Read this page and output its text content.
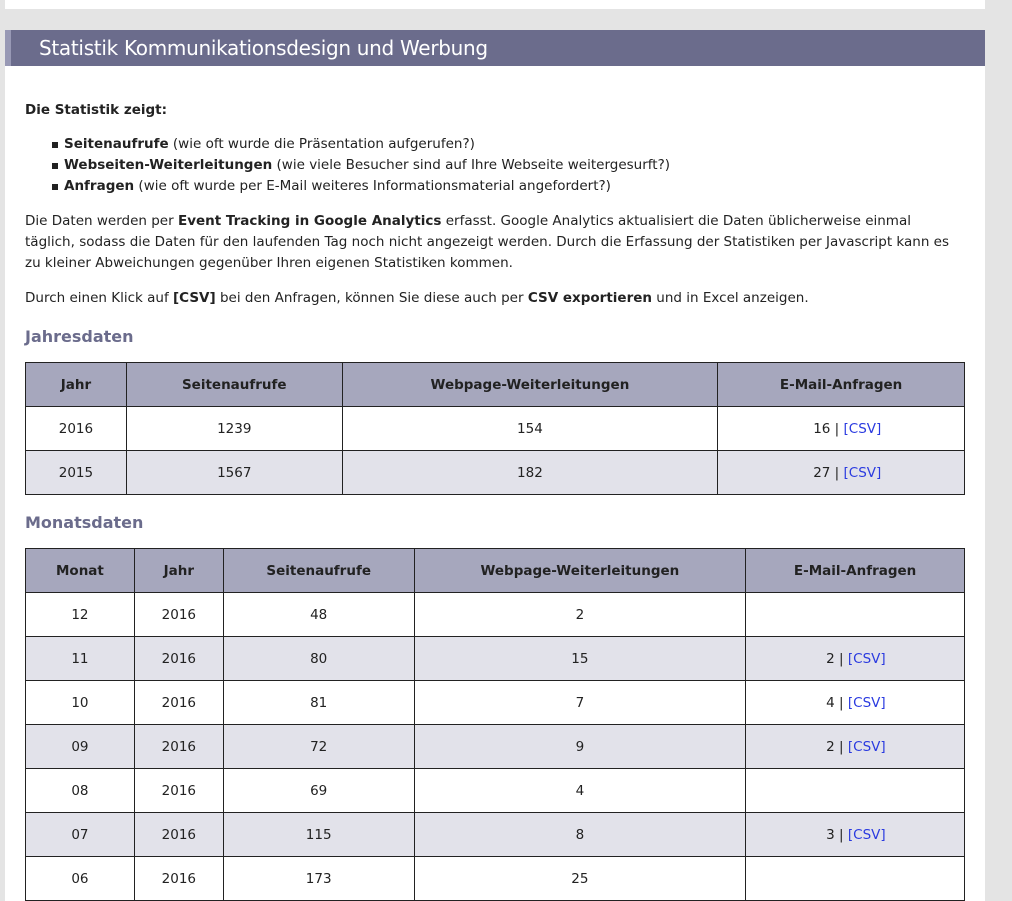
Statistik Kommunikationsdesign und Werbung
Die Statistik zeigt:
Seitenaufrufe (wie oft wurde die Präsentation aufgerufen?)
Webseiten-Weiterleitungen (wie viele Besucher sind auf Ihre Webseite weitergesurft?)
Anfragen (wie oft wurde per E-Mail weiteres Informationsmaterial angefordert?)

Die Daten werden per Event Tracking in Google Analytics erfasst. Google Analytics aktualisiert die Daten üblicherweise einmal täglich, sodass die Daten für den laufenden Tag noch nicht angezeigt werden. Durch die Erfassung der Statistiken per Javascript kann es zu kleiner Abweichungen gegenüber Ihren eigenen Statistiken kommen.

Durch einen Klick auf [CSV] bei den Anfragen, können Sie diese auch per CSV exportieren und in Excel anzeigen.

Jahresdaten
Jahr	Seitenaufrufe	Webpage-Weiterleitungen	E-Mail-Anfragen
2016	1239	154	16 | [CSV]
2015	1567	182	27 | [CSV]
Monatsdaten
Monat	Jahr	Seitenaufrufe	Webpage-Weiterleitungen	E-Mail-Anfragen
12	2016	48	2	
11	2016	80	15	2 | [CSV]
10	2016	81	7	4 | [CSV]
09	2016	72	9	2 | [CSV]
08	2016	69	4	
07	2016	115	8	3 | [CSV]
06	2016	173	25	
